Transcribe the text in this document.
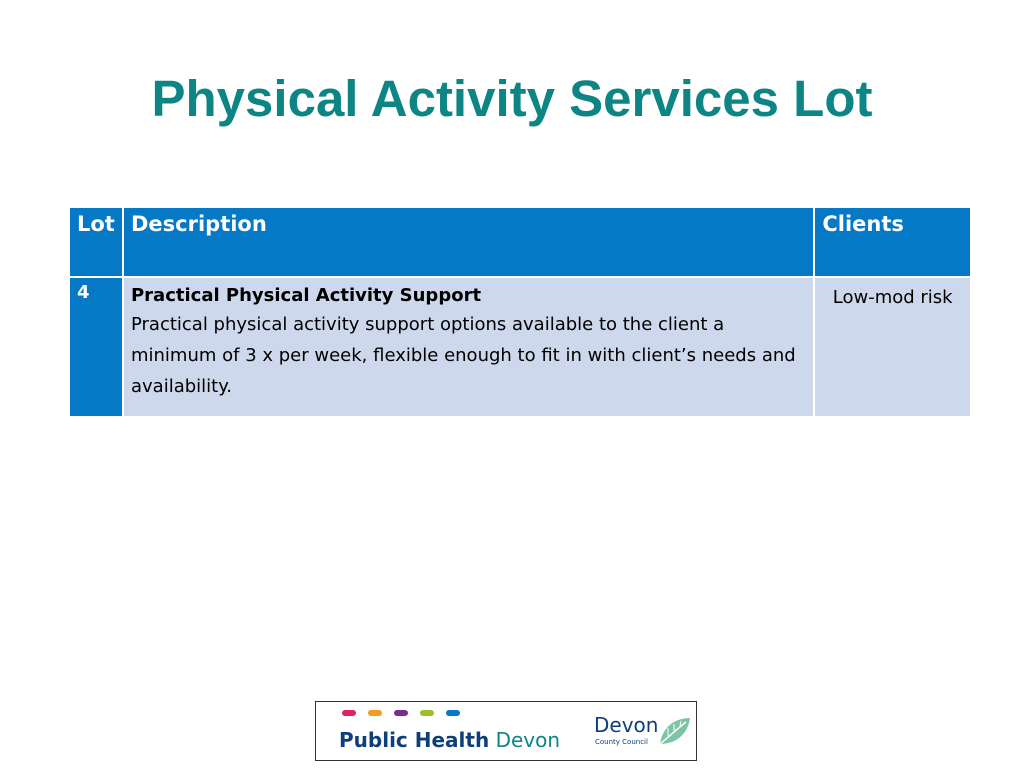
Physical Activity Services Lot
Lot	Description	Clients
4	Practical Physical Activity Support
Practical physical activity support options available to the client a minimum of 3 x per week, flexible enough to fit in with client’s needs and availability.	Low-mod risk
Public Health Devon
Devon
County Council
